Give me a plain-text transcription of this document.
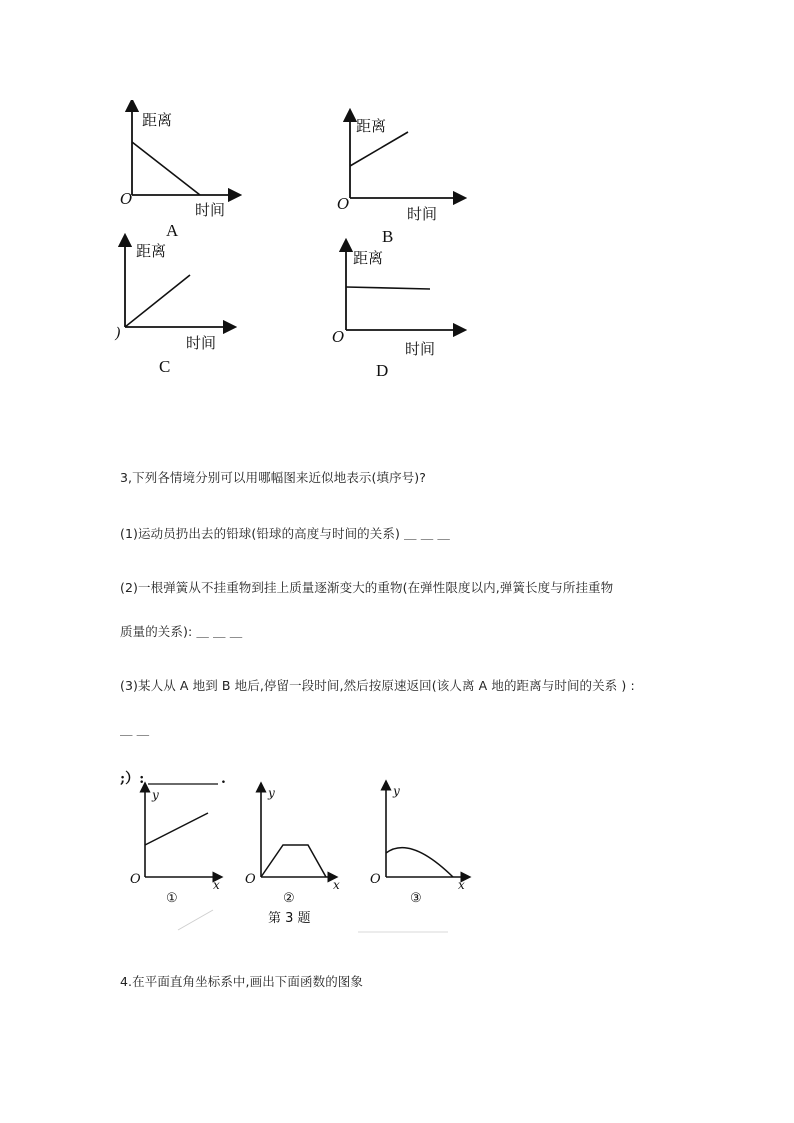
距离
时间
O
A
距离
时间
O
B
距离
时间
)
C
距离
时间
O
D
3,下列各情境分别可以用哪幅图来近似地表示(填序号)?
(1)运动员扔出去的铅球(铅球的高度与时间的关系) ＿ ＿ ＿
(2)一根弹簧从不挂重物到挂上质量逐渐变大的重物(在弹性限度以内,弹簧长度与所挂重物
质量的关系): ＿ ＿ ＿
(3)某人从 A 地到 B 地后,停留一段时间,然后按原速返回(该人离 A 地的距离与时间的关系 ) :
＿ ＿
;）:	.
y
x
O
①
y
x
O
②
第 3 题
y
x
O
③
4.在平面直角坐标系中,画出下面函数的图象
